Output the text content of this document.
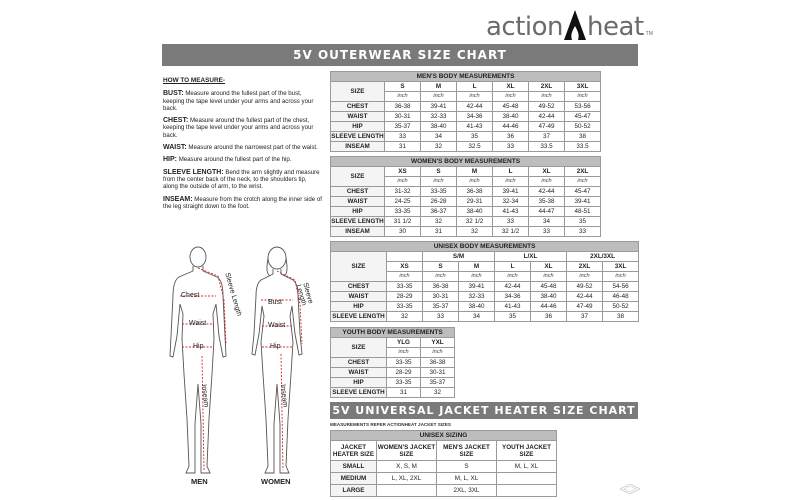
action heat TM
5V OUTERWEAR SIZE CHART
HOW TO MEASURE-

BUST: Measure around the fullest part of the bust, keeping the tape level under your arms and across your back.

CHEST: Measure around the fullest part of the chest, keeping the tape level under your arms and across your back.

WAIST: Measure around the narrowest part of the waist.

HIP: Measure around the fullest part of the hip.

SLEEVE LENGTH: Bend the arm slightly and measure from the center back of the neck, to the shoulders tip, along the outside of arm, to the wrist.

INSEAM: Measure from the crotch along the inner side of the leg straight down to the foot.

Chest
Waist
Hip
Inseam
Sleeve Length	Bust
Waist
Hip
Inseam
Sleeve Length
MEN	WOMEN
MEN'S BODY MEASUREMENTS						
SIZE	S	M	L	XL	2XL	3XL
	inch	inch	inch	inch	inch	inch
CHEST	36-38	39-41	42-44	45-48	49-52	53-56
WAIST	30-31	32-33	34-36	38-40	42-44	45-47
HIP	35-37	38-40	41-43	44-46	47-49	50-52
SLEEVE LENGTH	33	34	35	36	37	38
INSEAM	31	32	32.5	33	33.5	33.5
WOMEN'S BODY MEASUREMENTS						
SIZE	XS	S	M	L	XL	2XL
	inch	inch	inch	inch	inch	inch
CHEST	31-32	33-35	36-38	39-41	42-44	45-47
WAIST	24-25	26-28	29-31	32-34	35-38	39-41
HIP	33-35	36-37	38-40	41-43	44-47	48-51
SLEEVE LENGTH	31 1/2	32	32 1/2	33	34	35
INSEAM	30	31	32	32 1/2	33	33
UNISEX BODY MEASUREMENTS							
SIZE		S/M		L/XL		2XL/3XL	
	XS	S	M	L	XL	2XL	3XL
	inch	inch	inch	inch	inch	inch	inch
CHEST	33-35	36-38	39-41	42-44	45-48	49-52	54-56
WAIST	28-29	30-31	32-33	34-36	38-40	42-44	46-48
HIP	33-35	35-37	38-40	41-43	44-46	47-49	50-52
SLEEVE LENGTH	32	33	34	35	36	37	38
YOUTH BODY MEASUREMENTS		
SIZE	YLG	YXL
	inch	inch
CHEST	33-35	36-38
WAIST	28-29	30-31
HIP	33-35	35-37
SLEEVE LENGTH	31	32
5V UNIVERSAL JACKET HEATER SIZE CHART
MEASUREMENTS REFER ACTIONHEAT JACKET SIZES
UNISEX SIZING			
JACKET HEATER SIZE	WOMEN'S JACKET SIZE	MEN'S JACKET SIZE	YOUTH JACKET SIZE
SMALL	X, S, M	S	M, L, XL
MEDIUM	L, XL, 2XL	M, L, XL	
LARGE		2XL, 3XL	
